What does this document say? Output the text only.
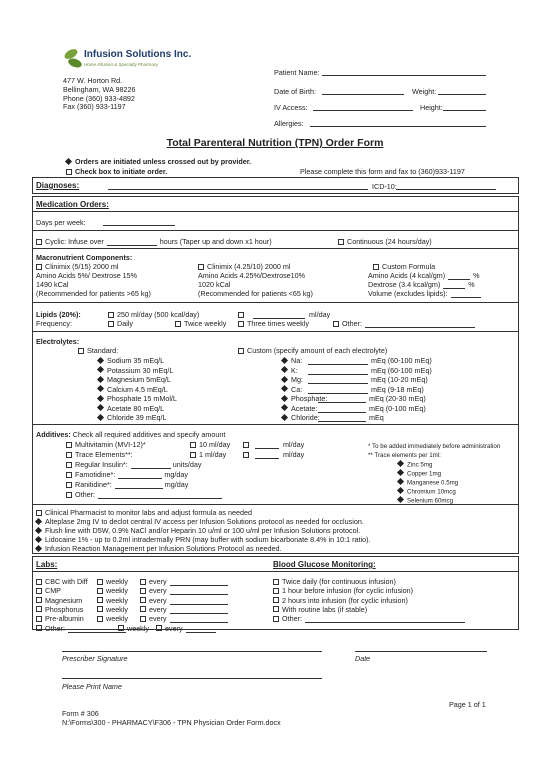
Infusion Solutions Inc.
Home Infusion & Specialty Pharmacy
477 W. Horton Rd.
Bellingham, WA 98226
Phone (360) 933-4892
Fax (360) 933-1197
Patient Name:
Date of Birth:	Weight:
IV Access:	Height:
Allergies:
Total Parenteral Nutrition (TPN) Order Form
Orders are initiated unless crossed out by provider.
Check box to initiate order.	Please complete this form and fax to (360)933-1197
Diagnoses:	ICD-10:
Medication Orders:
Days per week:
Cyclic: Infuse over	hours (Taper up and down x1 hour)	Continuous (24 hours/day)
Macronutrient Components:
Clinimix (5/15) 2000 ml
Amino Acids 5%/ Dextrose 15%
1490 kCal
(Recommended for patients >65 kg)
Clinimix (4.25/10) 2000 ml
Amino Acids 4.25%/Dextrose10%
1020 kCal
(Recommended for patients <65 kg)
Custom Formula
Amino Acids (4 kcal/gm)	%
Dextrose (3.4 kcal/gm)	%
Volume (excludes lipids):
Lipids (20%):	250 ml/day (500 kcal/day)	ml/day
Frequency:	Daily	Twice weekly	Three times weekly	Other:
Electrolytes:
Standard:	Custom (specify amount of each electrolyte)
Additives: Check all required additives and specify amount
Multivitamin (MVI-12)*	10 ml/day	ml/day
Trace Elements**:	1 ml/day	ml/day
Regular Insulin*:	units/day
Famotidine*:	mg/day
Ranitidine*:	mg/day
Other:
* To be added immediately before administration
** Trace elements per 1ml:
Clinical Pharmacist to monitor labs and adjust formula as needed
Labs:	Blood Glucose Monitoring:
Prescriber Signature	Date
Please Print Name
Page 1 of 1
Form # 306
N:\Forms\300 - PHARMACY\F306 - TPN Physician Order Form.docx
Sodium 35 mEq/L
Potassium 30 mEq/L
Magnesium 5mEq/L
Calcium 4.5 mEq/L
Phosphate 15 mMol/L
Acetate 80 mEq/L
Chloride 39 mEq/L
Na:	mEq (60-100 mEq)
K:	mEq (60-100 mEq)
Mg:	mEq (10-20 mEq)
Ca:	mEq (9-18 mEq)
Phosphate:	mEq (20-30 mEq)
Acetate:	mEq (0-100 mEq)
Chloride:	mEq
Zinc 5mg
Copper 1mg
Manganese 0.5mg
Chromium 10mcg
Selenium 60mcg
Alteplase 2mg IV to declot central IV access per Infusion Solutions protocol as needed for occlusion.
Flush line with D5W, 0.9% NaCl and/or Heparin 10 u/ml or 100 u/ml per Infusion Solutions protocol.
Lidocaine 1% - up to 0.2ml intradermally PRN (may buffer with sodium bicarbonate 8.4% in 10:1 ratio).
Infusion Reaction Management per Infusion Solutions Protocol as needed.
CBC with Diff	weekly	every
CMP	weekly	every
Magnesium	weekly	every
Phosphorus	weekly	every
Pre-albumin	weekly	every
Other:	weekly	every
Twice daily (for continuous infusion)
1 hour before infusion (for cyclic infusion)
2 hours into infusion (for cyclic infusion)
With routine labs (if stable)
Other:
